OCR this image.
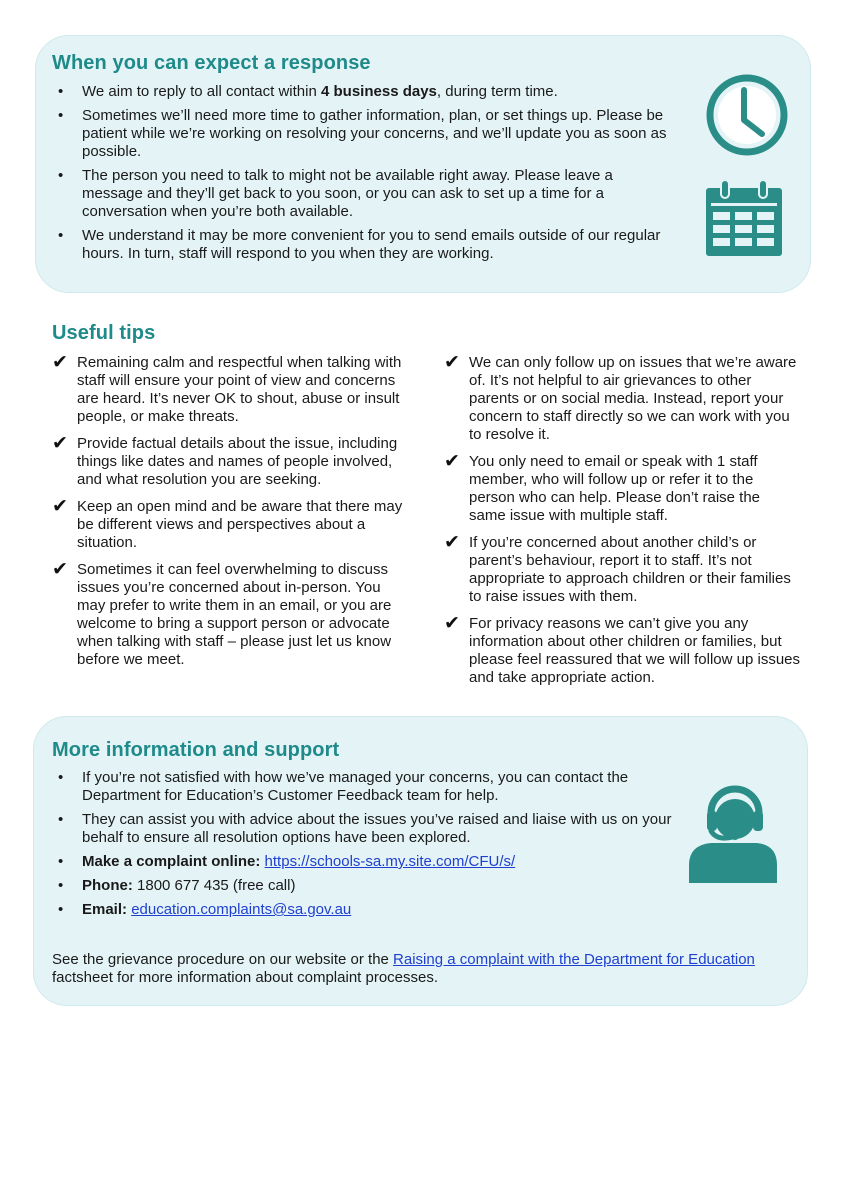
When you can expect a response
• We aim to reply to all contact within 4 business days, during term time.
• Sometimes we’ll need more time to gather information, plan, or set things up. Please be patient while we’re working on resolving your concerns, and we’ll update you as soon as possible.
• The person you need to talk to might not be available right away. Please leave a message and they’ll get back to you soon, or you can ask to set up a time for a conversation when you’re both available.
• We understand it may be more convenient for you to send emails outside of our regular hours. In turn, staff will respond to you when they are working.
Useful tips
✔ Remaining calm and respectful when talking with staff will ensure your point of view and concerns are heard. It’s never OK to shout, abuse or insult people, or make threats.
✔ Provide factual details about the issue, including things like dates and names of people involved, and what resolution you are seeking.
✔ Keep an open mind and be aware that there may be different views and perspectives about a situation.
✔ Sometimes it can feel overwhelming to discuss issues you’re concerned about in-person. You may prefer to write them in an email, or you are welcome to bring a support person or advocate when talking with staff – please just let us know before we meet.
✔ We can only follow up on issues that we’re aware of. It’s not helpful to air grievances to other parents or on social media. Instead, report your concern to staff directly so we can work with you to resolve it.
✔ You only need to email or speak with 1 staff member, who will follow up or refer it to the person who can help. Please don’t raise the same issue with multiple staff.
✔ If you’re concerned about another child’s or parent’s behaviour, report it to staff. It’s not appropriate to approach children or their families to raise issues with them.
✔ For privacy reasons we can’t give you any information about other children or families, but please feel reassured that we will follow up issues and take appropriate action.
More information and support
• If you’re not satisfied with how we’ve managed your concerns, you can contact the Department for Education’s Customer Feedback team for help.
• They can assist you with advice about the issues you’ve raised and liaise with us on your behalf to ensure all resolution options have been explored.
• Make a complaint online: https://schools-sa.my.site.com/CFU/s/
• Phone: 1800 677 435 (free call)
• Email: education.complaints@sa.gov.au

See the grievance procedure on our website or the Raising a complaint with the Department for Education factsheet for more information about complaint processes.
